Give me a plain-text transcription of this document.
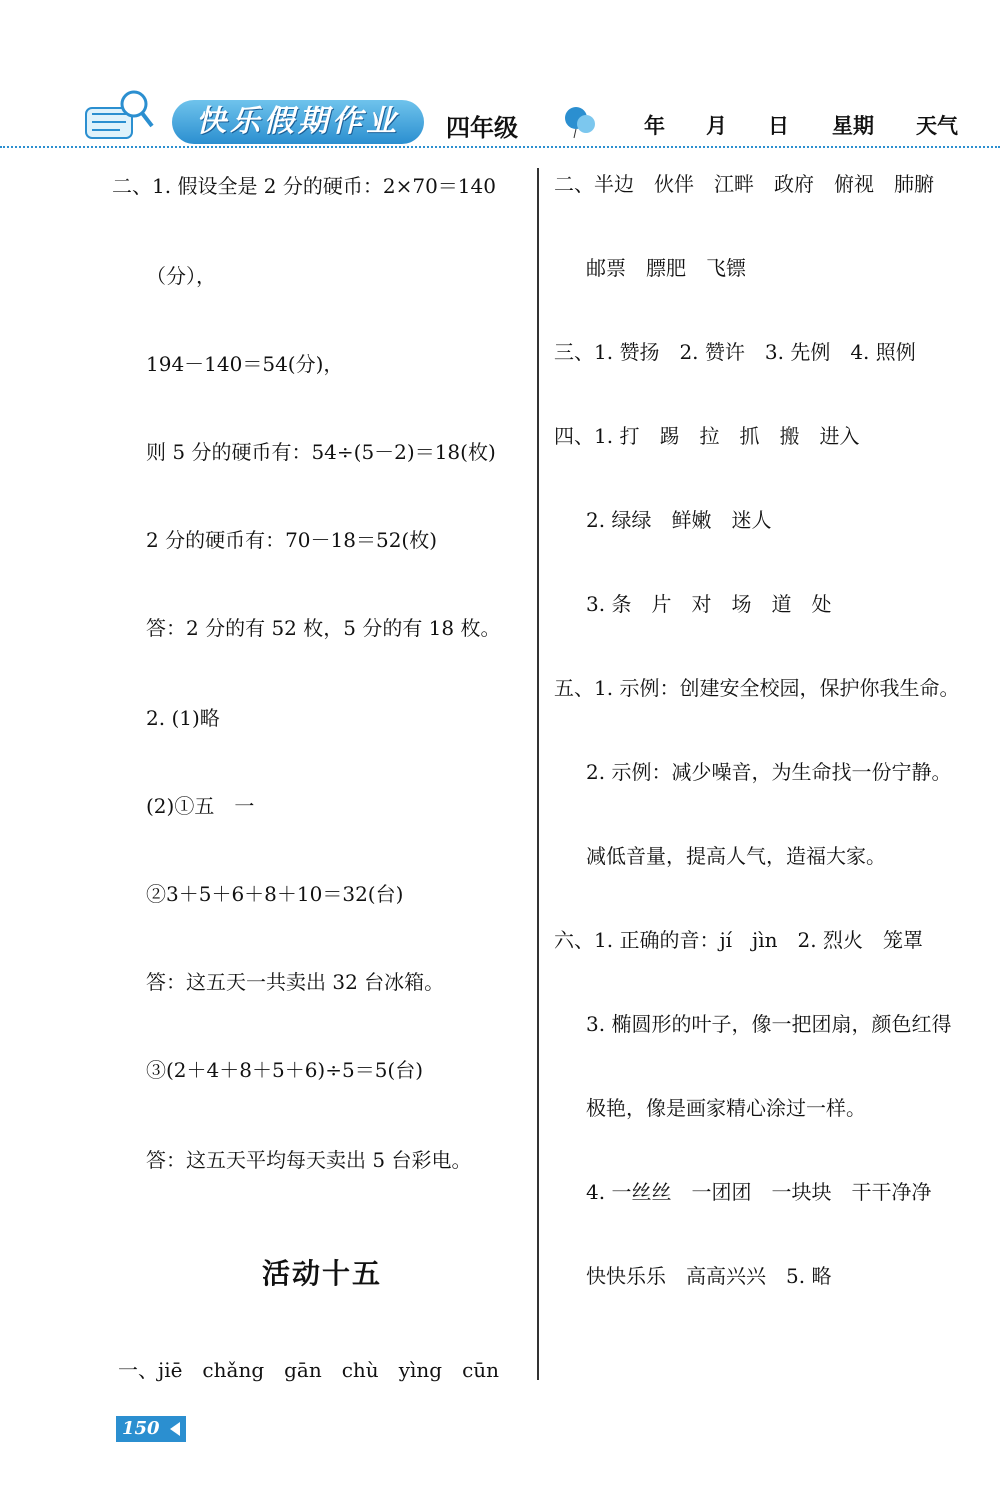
快乐假期作业	四年级	年 月 日 星期 天气
二、1. 假设全是 2 分的硬币：2×70＝140
（分），
194－140＝54(分)，
则 5 分的硬币有：54÷(5－2)＝18(枚)
2 分的硬币有：70－18＝52(枚)
答：2 分的有 52 枚，5 分的有 18 枚。
2. (1)略
(2)①五　一
②3＋5＋6＋8＋10＝32(台)
答：这五天一共卖出 32 台冰箱。
③(2＋4＋8＋5＋6)÷5＝5(台)
答：这五天平均每天卖出 5 台彩电。
活动十五
一、jiē　chǎng　gān　chù　yìng　cūn
二、半边　伙伴　江畔　政府　俯视　肺腑
邮票　膘肥　飞镖
三、1. 赞扬　2. 赞许　3. 先例　4. 照例
四、1. 打　踢　拉　抓　搬　进入
2. 绿绿　鲜嫩　迷人
3. 条　片　对　场　道　处
五、1. 示例：创建安全校园，保护你我生命。
2. 示例：减少噪音，为生命找一份宁静。
减低音量，提高人气，造福大家。
六、1. 正确的音：jí　jìn　2. 烈火　笼罩
3. 椭圆形的叶子，像一把团扇，颜色红得
极艳，像是画家精心涂过一样。
4. 一丝丝　一团团　一块块　干干净净
快快乐乐　高高兴兴　5. 略
150
